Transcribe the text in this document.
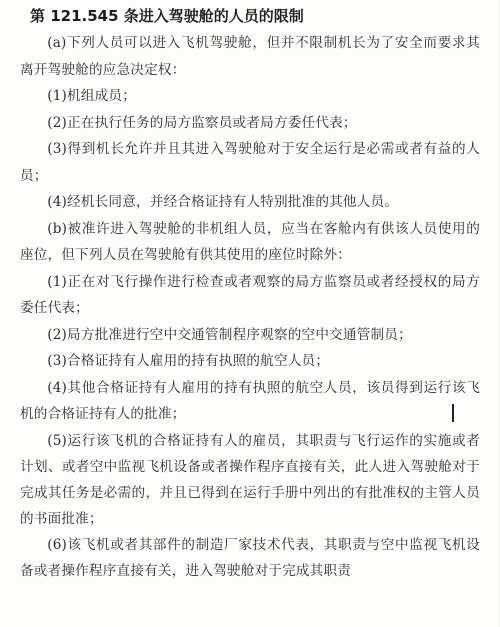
第 121.545 条进入驾驶舱的人员的限制
(a)下列人员可以进入飞机驾驶舱，但并不限制机长为了安全而要求其离开驾驶舱的应急决定权：
(1)机组成员；
(2)正在执行任务的局方监察员或者局方委任代表；
(3)得到机长允许并且其进入驾驶舱对于安全运行是必需或者有益的人员；
(4)经机长同意，并经合格证持有人特别批准的其他人员。
(b)被准许进入驾驶舱的非机组人员，应当在客舱内有供该人员使用的座位，但下列人员在驾驶舱有供其使用的座位时除外：
(1)正在对飞行操作进行检查或者观察的局方监察员或者经授权的局方委任代表；
(2)局方批准进行空中交通管制程序观察的空中交通管制员；
(3)合格证持有人雇用的持有执照的航空人员；
(4)其他合格证持有人雇用的持有执照的航空人员，该员得到运行该飞机的合格证持有人的批准；
(5)运行该飞机的合格证持有人的雇员，其职责与飞行运作的实施或者计划、或者空中监视飞机设备或者操作程序直接有关，此人进入驾驶舱对于完成其任务是必需的，并且已得到在运行手册中列出的有批准权的主管人员的书面批准；
(6)该飞机或者其部件的制造厂家技术代表，其职责与空中监视飞机设备或者操作程序直接有关，进入驾驶舱对于完成其职责
